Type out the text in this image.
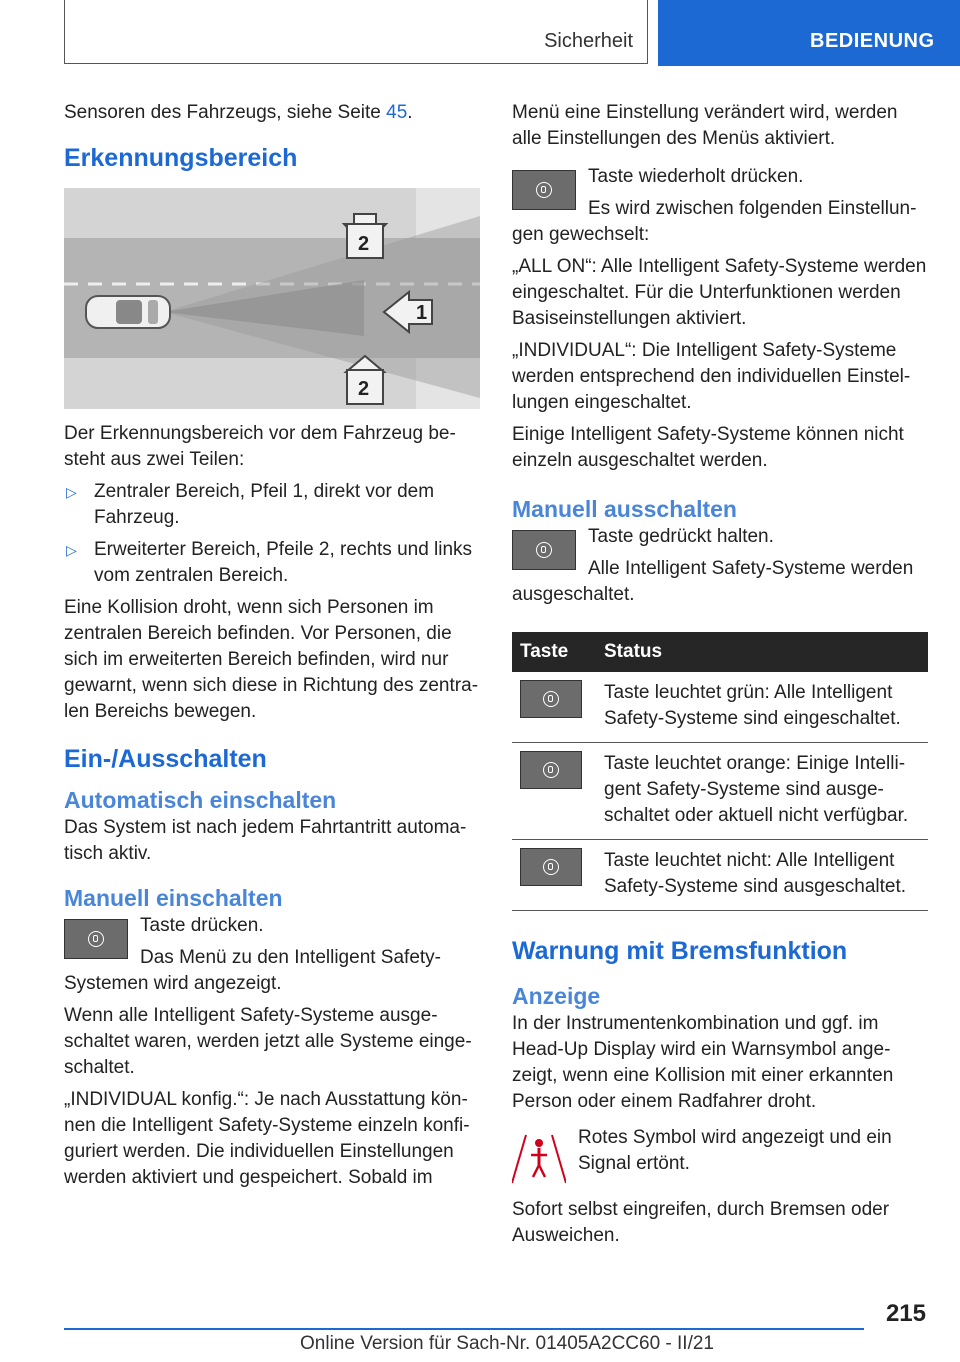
Sicherheit	BEDIENUNG

Sensoren des Fahrzeugs, siehe Seite 45.

Erkennungsbereich
1
2
2

Der Erkennungsbereich vor dem Fahrzeug besteht aus zwei Teilen:

▷ Zentraler Bereich, Pfeil 1, direkt vor dem Fahrzeug.
▷ Erweiterter Bereich, Pfeile 2, rechts und links vom zentralen Bereich.

Eine Kollision droht, wenn sich Personen im zentralen Bereich befinden. Vor Personen, die sich im erweiterten Bereich befinden, wird nur gewarnt, wenn sich diese in Richtung des zentralen Bereichs bewegen.

Ein-/Ausschalten
Automatisch einschalten

Das System ist nach jedem Fahrtantritt automatisch aktiv.

Manuell einschalten

Taste drücken.

Das Menü zu den Intelligent Safety-Systemen wird angezeigt.

Wenn alle Intelligent Safety-Systeme ausgeschaltet waren, werden jetzt alle Systeme eingeschaltet.

„INDIVIDUAL konfig.“: Je nach Ausstattung können die Intelligent Safety-Systeme einzeln konfiguriert werden. Die individuellen Einstellungen werden aktiviert und gespeichert. Sobald im

Menü eine Einstellung verändert wird, werden alle Einstellungen des Menüs aktiviert.

Taste wiederholt drücken.

Es wird zwischen folgenden Einstellungen gewechselt:

„ALL ON“: Alle Intelligent Safety-Systeme werden eingeschaltet. Für die Unterfunktionen werden Basiseinstellungen aktiviert.

„INDIVIDUAL“: Die Intelligent Safety-Systeme werden entsprechend den individuellen Einstellungen eingeschaltet.

Einige Intelligent Safety-Systeme können nicht einzeln ausgeschaltet werden.

Manuell ausschalten

Taste gedrückt halten.

Alle Intelligent Safety-Systeme werden ausgeschaltet.

Taste	Status

	Taste leuchtet grün: Alle Intelligent Safety-Systeme sind eingeschaltet.

	Taste leuchtet orange: Einige Intelligent Safety-Systeme sind ausgeschaltet oder aktuell nicht verfügbar.

	Taste leuchtet nicht: Alle Intelligent Safety-Systeme sind ausgeschaltet.
Warnung mit Bremsfunktion
Anzeige

In der Instrumentenkombination und ggf. im Head-Up Display wird ein Warnsymbol angezeigt, wenn eine Kollision mit einer erkannten Person oder einem Radfahrer droht.

Rotes Symbol wird angezeigt und ein Signal ertönt.

Sofort selbst eingreifen, durch Bremsen oder Ausweichen.

215
Online Version für Sach-Nr. 01405A2CC60 - II/21
